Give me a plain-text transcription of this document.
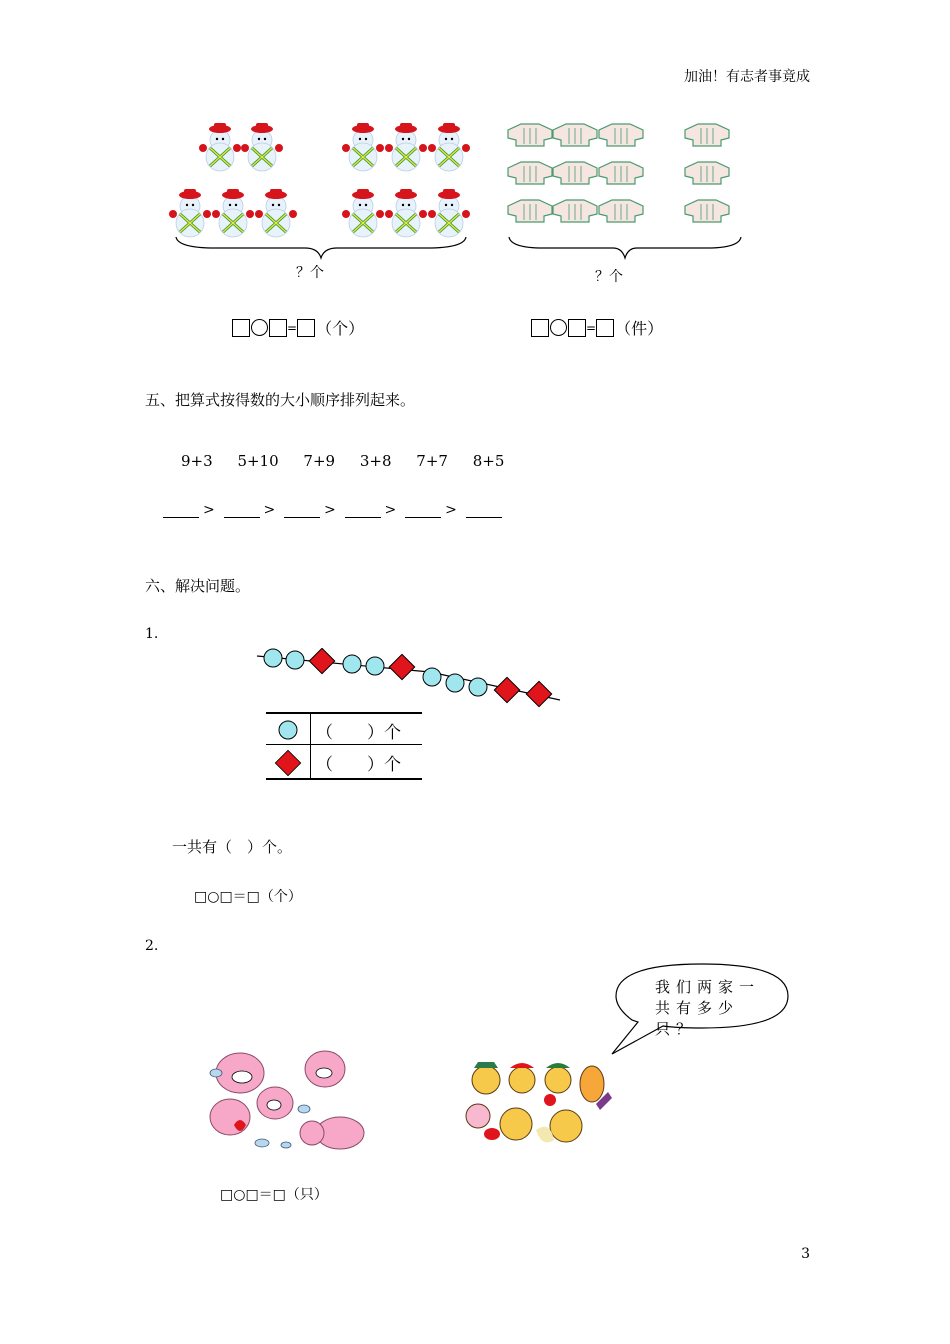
加油！有志者事竟成
？个	？个
= （个）	= （件）
五、把算式按得数的大小顺序排列起来。
9+3 5+10 7+9 3+8 7+7 8+5
>	>	>	>	>
六、解决问题。
1.
（　　）个
（　　）个
一共有（　）个。
□○□＝□（个）
2.
我们两家一共有多少只？
□○□＝□（只）
3
